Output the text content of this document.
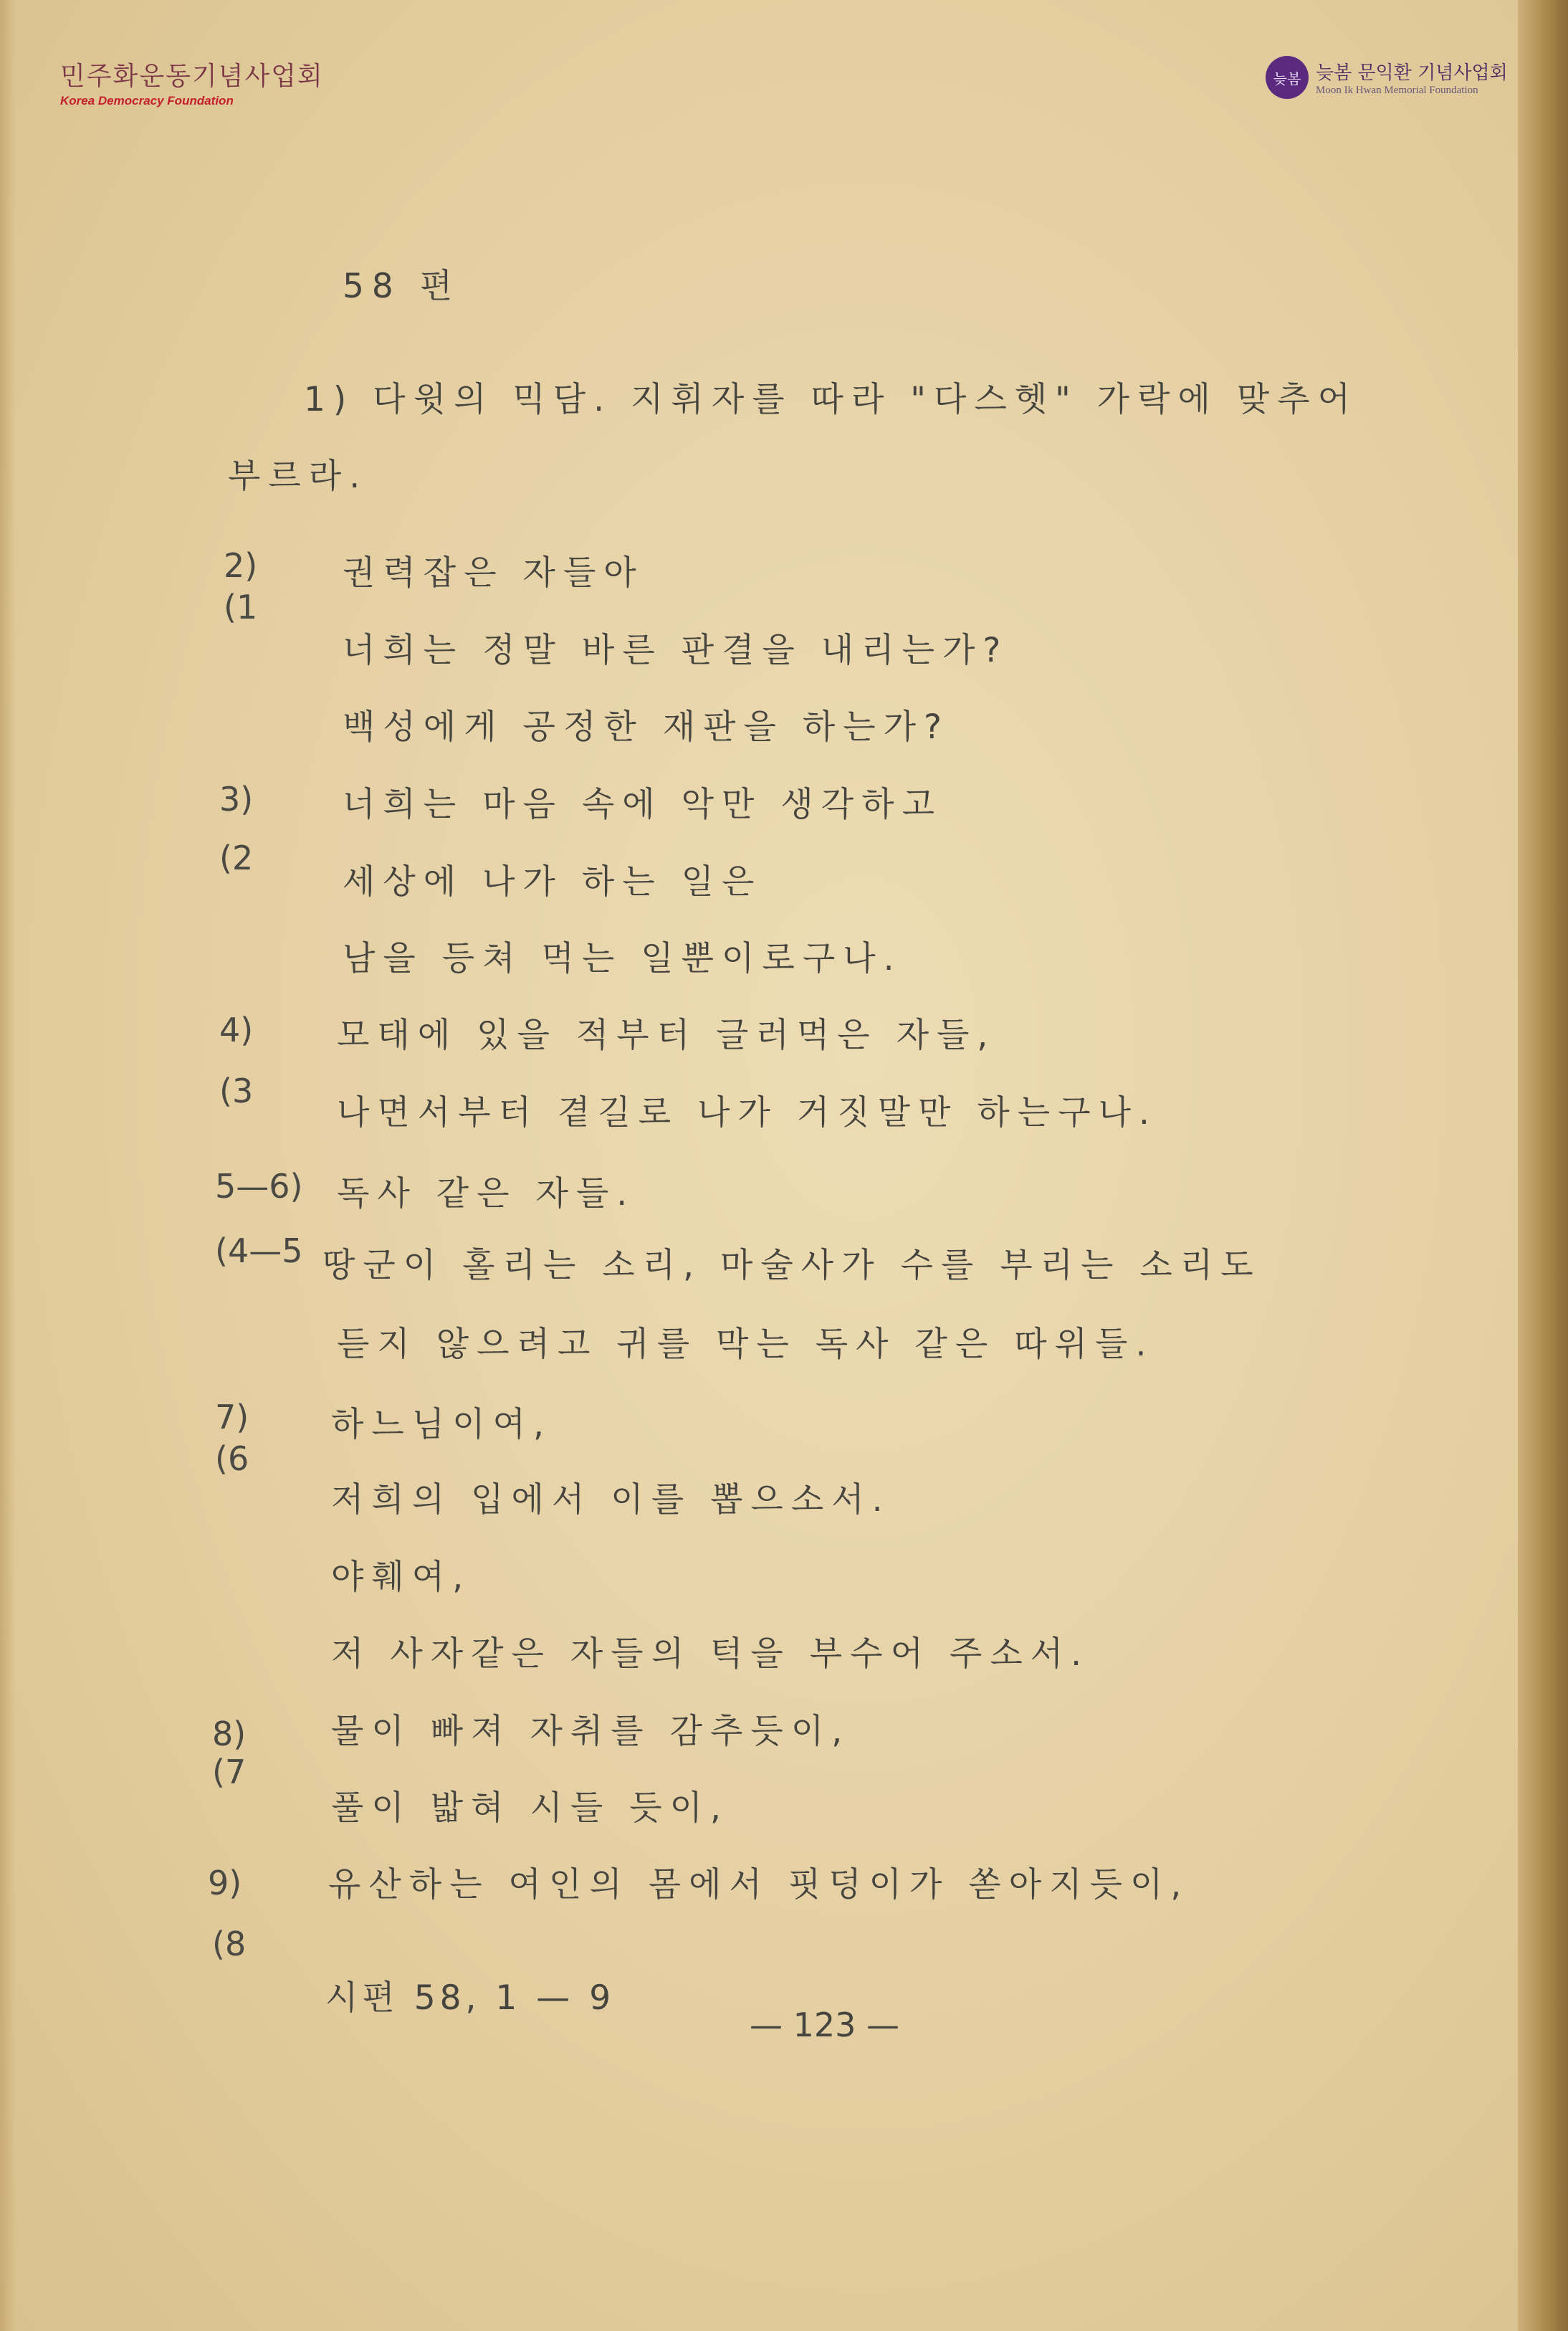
민주화운동기념사업회
Korea Democracy Foundation
늦봄 늦봄 문익환 기념사업회
Moon Ik Hwan Memorial Foundation
58 편
1) 다윗의 믹담. 지휘자를 따라 "다스헷" 가락에 맞추어
부르라.
2)
(1
3)
(2
4)
(3
5—6)
(4—5
7)
(6
8)
(7
9)
(8
권력잡은 자들아
너희는 정말 바른 판결을 내리는가?
백성에게 공정한 재판을 하는가?
너희는 마음 속에 악만 생각하고
세상에 나가 하는 일은
남을 등쳐 먹는 일뿐이로구나.
모태에 있을 적부터 글러먹은 자들,
나면서부터 곁길로 나가 거짓말만 하는구나.
독사 같은 자들.
땅군이 홀리는 소리, 마술사가 수를 부리는 소리도
듣지 않으려고 귀를 막는 독사 같은 따위들.
하느님이여,
저희의 입에서 이를 뽑으소서.
야훼여,
저 사자같은 자들의 턱을 부수어 주소서.
물이 빠져 자취를 감추듯이,
풀이 밟혀 시들 듯이,
유산하는 여인의 몸에서 핏덩이가 쏟아지듯이,
시편 58, 1 — 9
— 123 —
